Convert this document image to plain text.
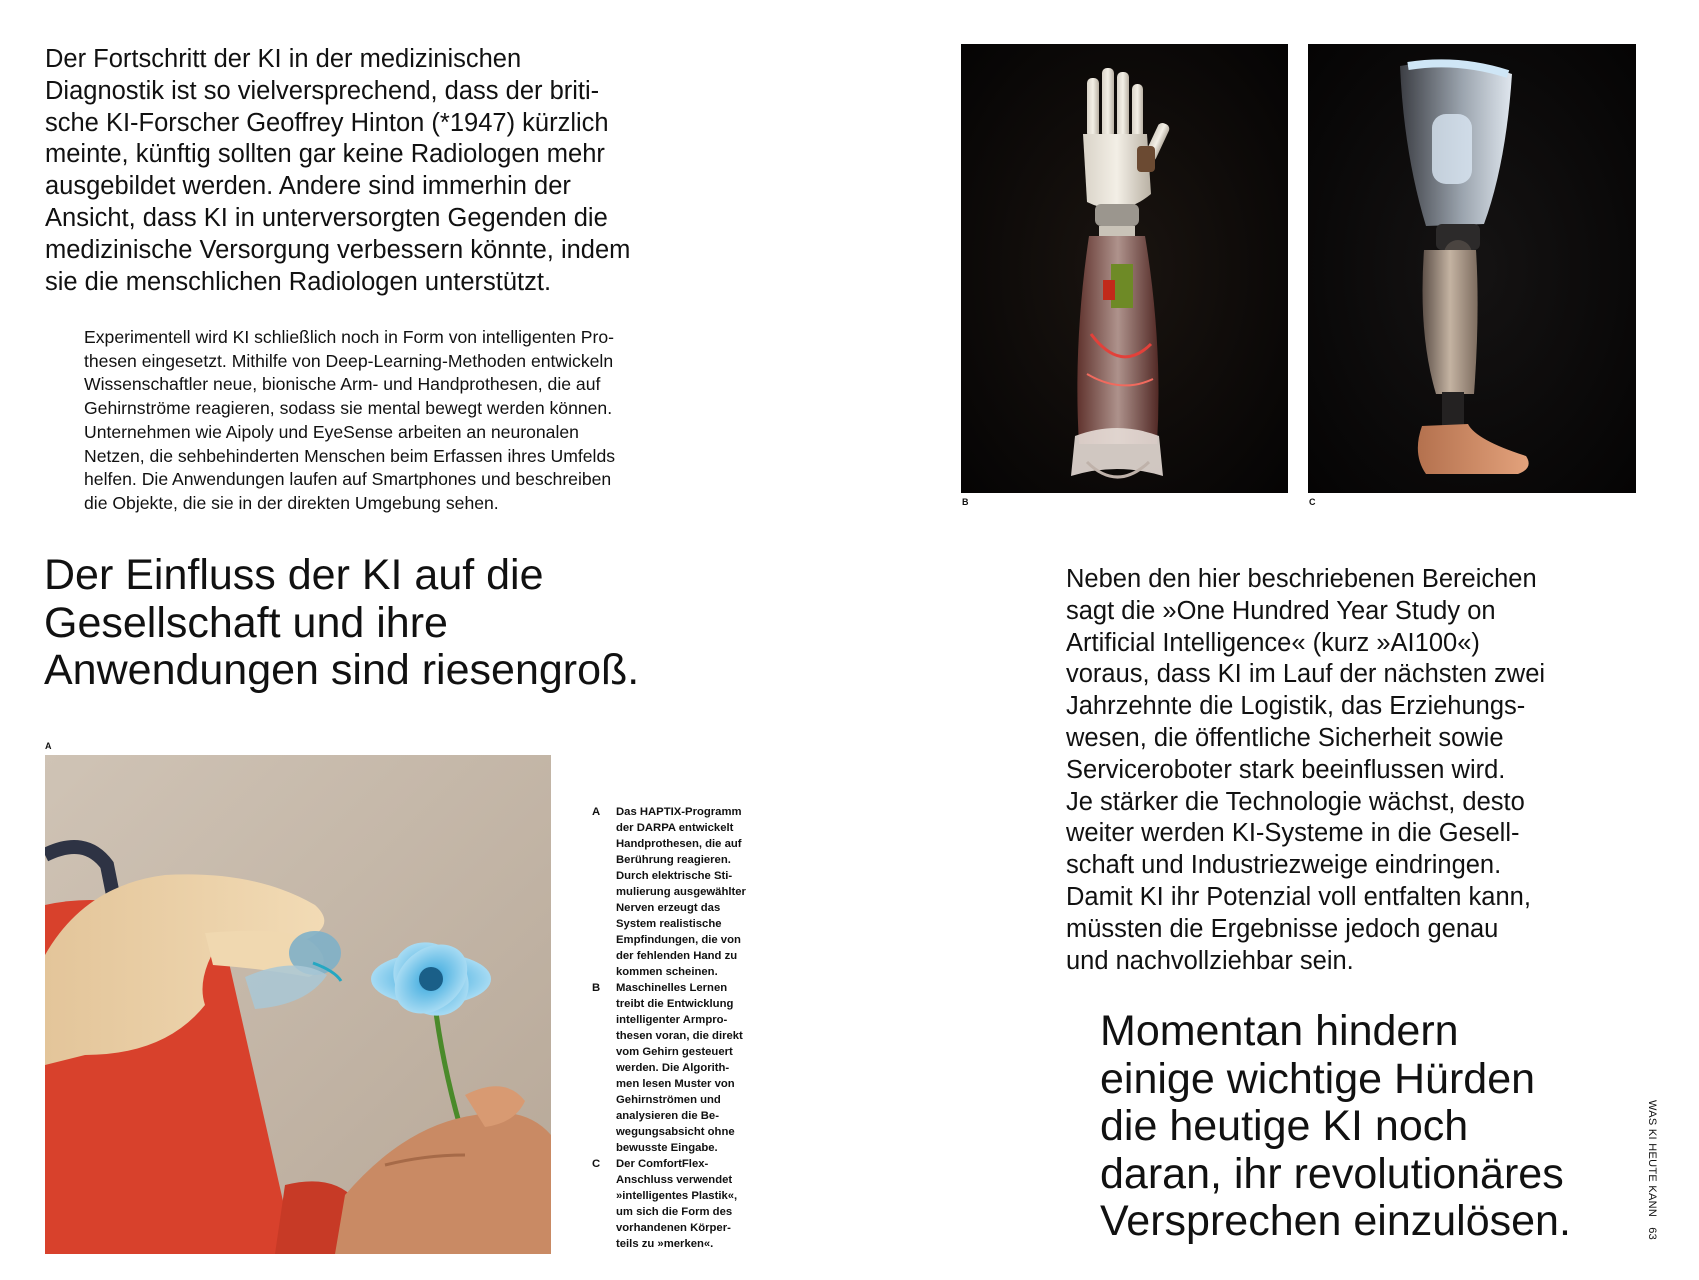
Der Fortschritt der KI in der medizinischen
Diagnostik ist so vielversprechend, dass der briti-
sche KI-Forscher Geoffrey Hinton (*1947) kürzlich
meinte, künftig sollten gar keine Radiologen mehr
ausgebildet werden. Andere sind immerhin der
Ansicht, dass KI in unterversorgten Gegenden die
medizinische Versorgung verbessern könnte, indem
sie die menschlichen Radiologen unterstützt.
Experimentell wird KI schließlich noch in Form von intelligenten Pro-
thesen eingesetzt. Mithilfe von Deep-Learning-Methoden entwickeln
Wissenschaftler neue, bionische Arm- und Handprothesen, die auf
Gehirnströme reagieren, sodass sie mental bewegt werden können.
Unternehmen wie Aipoly und EyeSense arbeiten an neuronalen
Netzen, die sehbehinderten Menschen beim Erfassen ihres Umfelds
helfen. Die Anwendungen laufen auf Smartphones und beschreiben
die Objekte, die sie in der direkten Umgebung sehen.
Der Einfluss der KI auf die
Gesellschaft und ihre
Anwendungen sind riesengroß.
B	C
A
A	Das HAPTIX-Programm
der DARPA entwickelt
Handprothesen, die auf
Berührung reagieren.
Durch elektrische Sti-
mulierung ausgewählter
Nerven erzeugt das
System realistische
Empfindungen, die von
der fehlenden Hand zu
kommen scheinen.
B	Maschinelles Lernen
treibt die Entwicklung
intelligenter Armpro-
thesen voran, die direkt
vom Gehirn gesteuert
werden. Die Algorith-
men lesen Muster von
Gehirnströmen und
analysieren die Be-
wegungsabsicht ohne
bewusste Eingabe.
C	Der ComfortFlex-
Anschluss verwendet
»intelligentes Plastik«,
um sich die Form des
vorhandenen Körper-
teils zu »merken«.
Neben den hier beschriebenen Bereichen
sagt die »One Hundred Year Study on
Artificial Intelligence« (kurz »AI100«)
voraus, dass KI im Lauf der nächsten zwei
Jahrzehnte die Logistik, das Erziehungs-
wesen, die öffentliche Sicherheit sowie
Serviceroboter stark beeinflussen wird.
Je stärker die Technologie wächst, desto
weiter werden KI-Systeme in die Gesell-
schaft und Industriezweige eindringen.
Damit KI ihr Potenzial voll entfalten kann,
müssten die Ergebnisse jedoch genau
und nachvollziehbar sein.
Momentan hindern
einige wichtige Hürden
die heutige KI noch
daran, ihr revolutionäres
Versprechen einzulösen.
WAS KI HEUTE KANN   63
